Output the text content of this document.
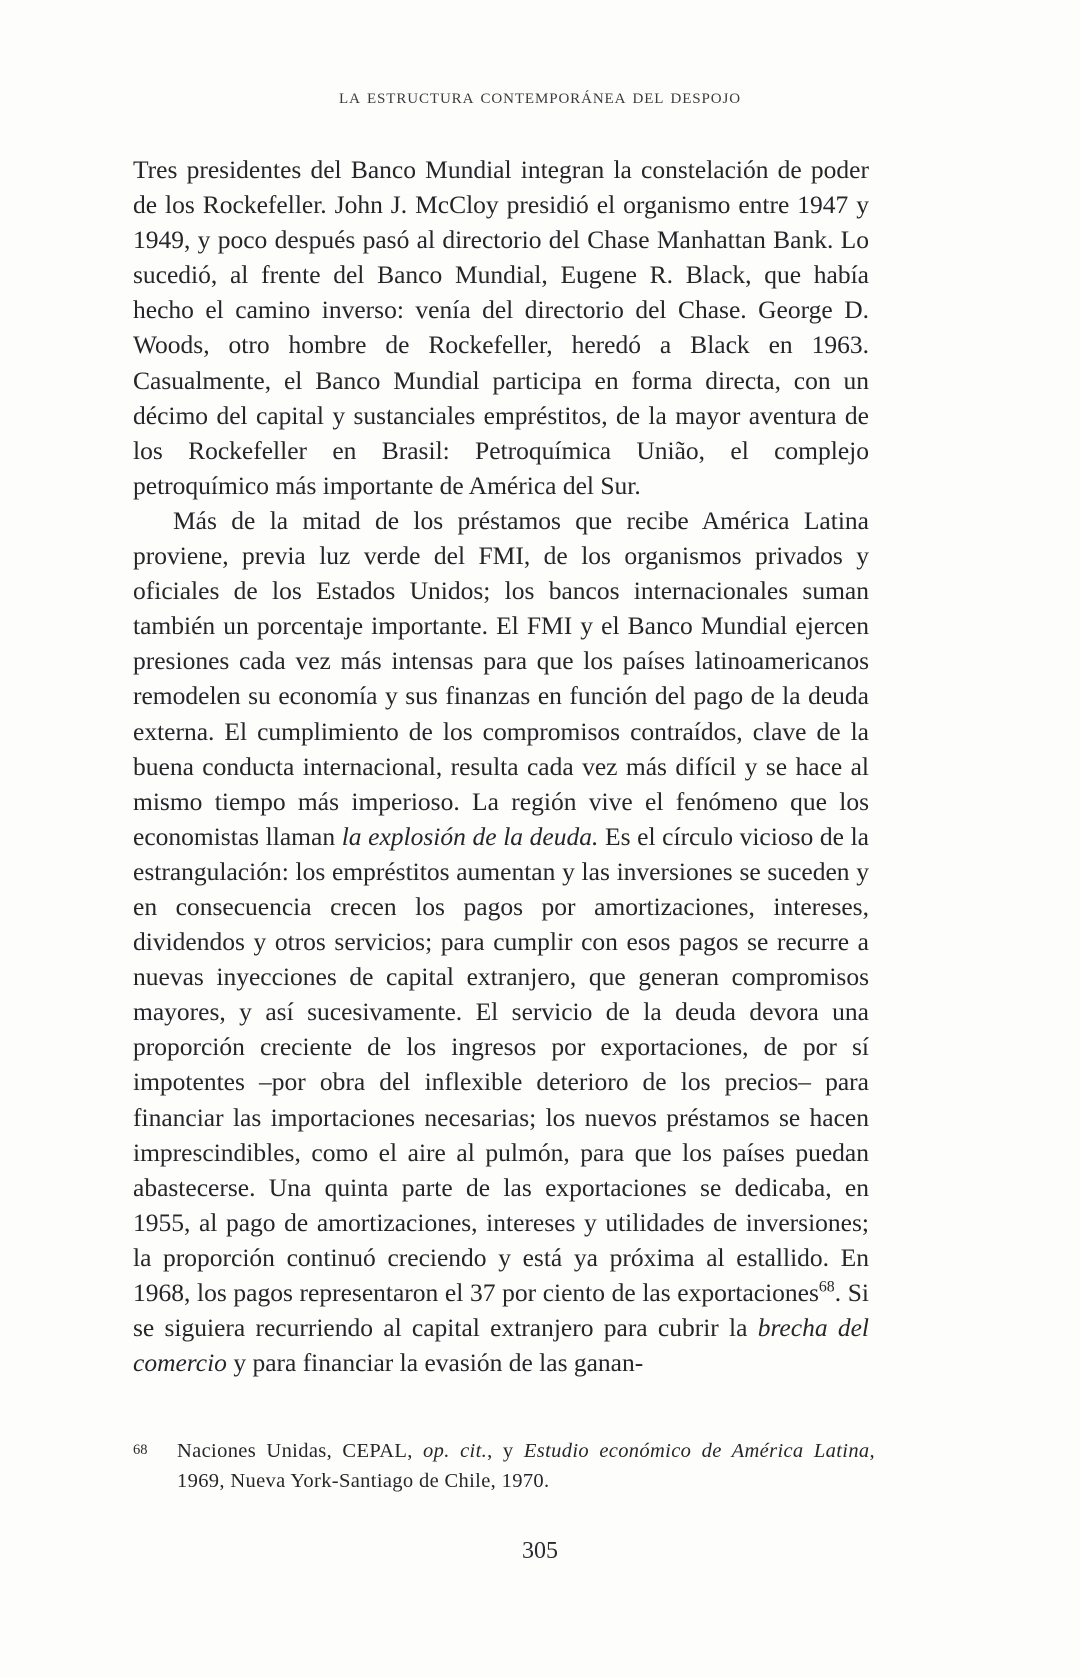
la estructura contemporánea del despojo

Tres presidentes del Banco Mundial integran la constelación de poder de los Rockefeller. John J. McCloy presidió el organismo entre 1947 y 1949, y poco después pasó al directorio del Chase Manhattan Bank. Lo sucedió, al frente del Banco Mundial, Eugene R. Black, que había hecho el camino inverso: venía del directorio del Chase. George D. Woods, otro hombre de Rockefeller, heredó a Black en 1963. Casualmente, el Banco Mundial participa en forma directa, con un décimo del capital y sustanciales empréstitos, de la mayor aventura de los Rockefeller en Brasil: Petroquímica União, el complejo petroquímico más importante de América del Sur.

Más de la mitad de los préstamos que recibe América Latina proviene, previa luz verde del FMI, de los organismos privados y oficiales de los Estados Unidos; los bancos internacionales suman también un porcentaje importante. El FMI y el Banco Mundial ejercen presiones cada vez más intensas para que los países latinoamericanos remodelen su economía y sus finanzas en función del pago de la deuda externa. El cumplimiento de los compromisos contraídos, clave de la buena conducta internacional, resulta cada vez más difícil y se hace al mismo tiempo más imperioso. La región vive el fenómeno que los economistas llaman la explosión de la deuda. Es el círculo vicioso de la estrangulación: los empréstitos aumentan y las inversiones se suceden y en consecuencia crecen los pagos por amortizaciones, intereses, dividendos y otros servicios; para cumplir con esos pagos se recurre a nuevas inyecciones de capital extranjero, que generan compromisos mayores, y así sucesivamente. El servicio de la deuda devora una proporción creciente de los ingresos por exportaciones, de por sí impotentes –por obra del inflexible deterioro de los precios– para financiar las importaciones necesarias; los nuevos préstamos se hacen imprescindibles, como el aire al pulmón, para que los países puedan abastecerse. Una quinta parte de las exportaciones se dedicaba, en 1955, al pago de amortizaciones, intereses y utilidades de inversiones; la proporción continuó creciendo y está ya próxima al estallido. En 1968, los pagos representaron el 37 por ciento de las exportaciones$^{68}$. Si se siguiera recurriendo al capital extranjero para cubrir la brecha del comercio y para financiar la evasión de las ganan-

68	Naciones Unidas, CEPAL, op. cit., y Estudio económico de América Latina, 1969, Nueva York-Santiago de Chile, 1970.
305
